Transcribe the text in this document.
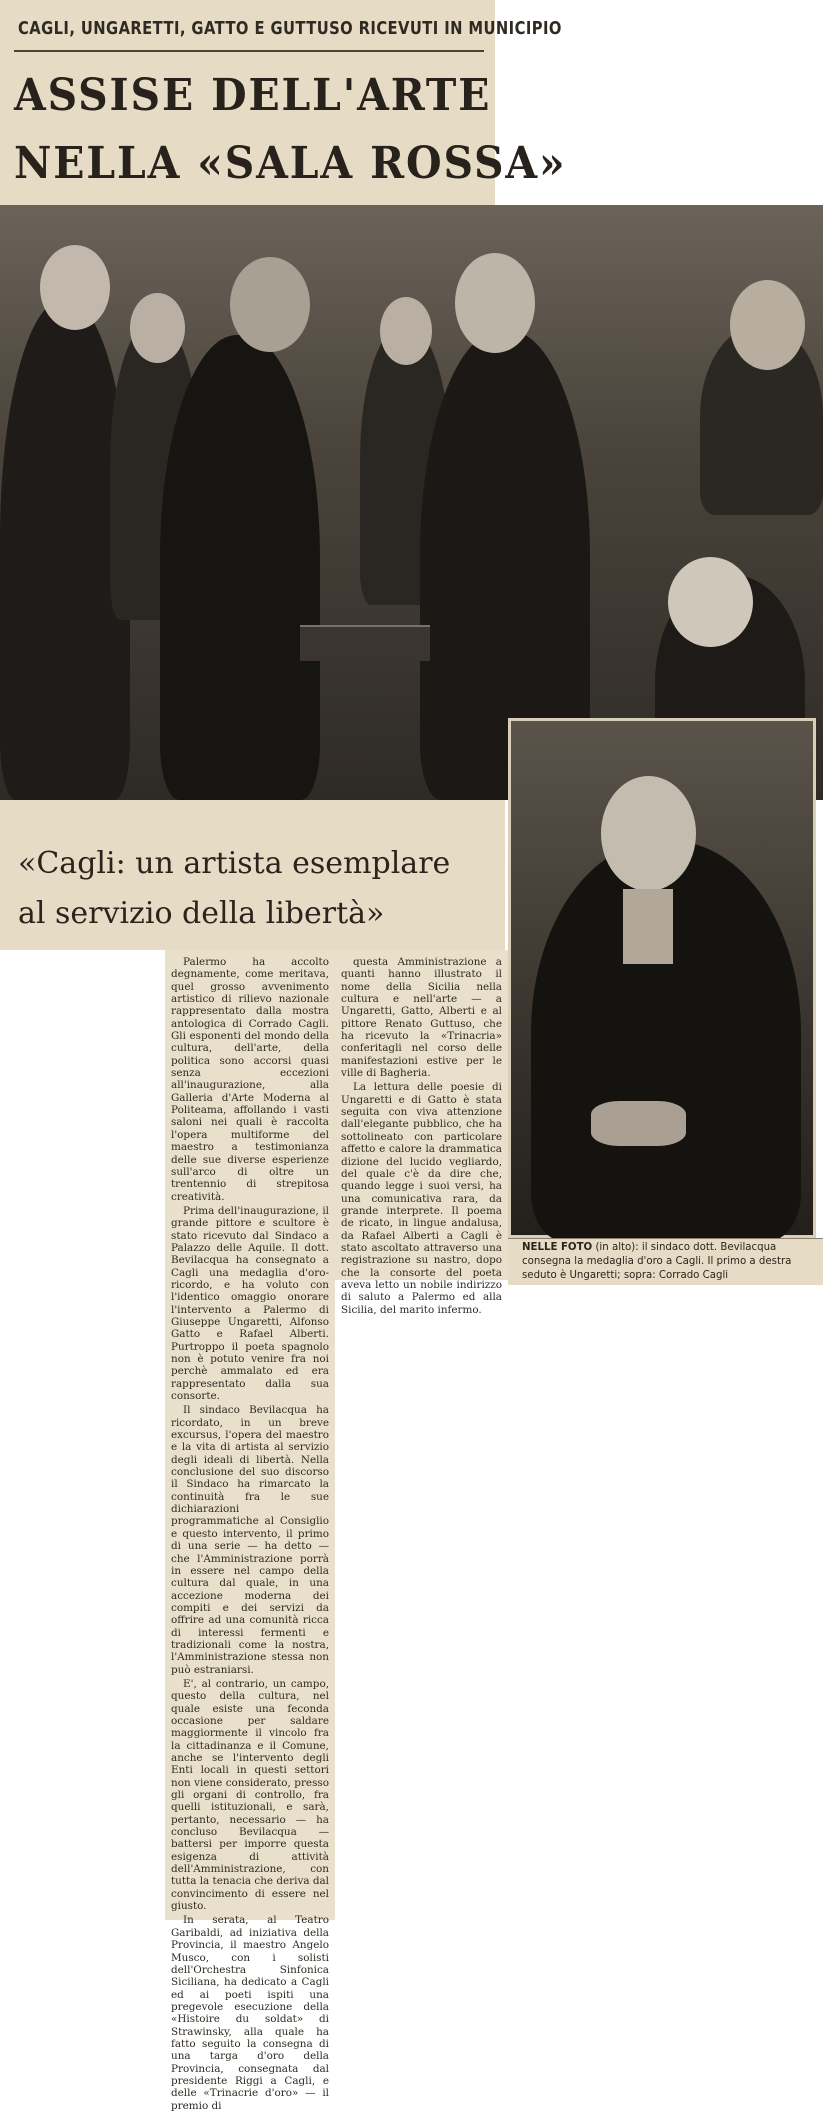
CAGLI, UNGARETTI, GATTO E GUTTUSO RICEVUTI IN MUNICIPIO
ASSISE DELL'ARTE
NELLA «SALA ROSSA»
«Cagli: un artista esemplare
al servizio della libertà»

Palermo ha accolto degnamente, come meritava, quel grosso avvenimento artistico di rilievo nazionale rappresentato dalla mostra antologica di Corrado Cagli. Gli esponenti del mondo della cultura, dell'arte, della politica sono accorsi quasi senza eccezioni all'inaugurazione, alla Galleria d'Arte Moderna al Politeama, affollando i vasti saloni nei quali è raccolta l'opera multiforme del maestro a testimonianza delle sue diverse esperienze sull'arco di oltre un trentennio di strepitosa creatività.

Prima dell'inaugurazione, il grande pittore e scultore è stato ricevuto dal Sindaco a Palazzo delle Aquile. Il dott. Bevilacqua ha consegnato a Cagli una medaglia d'oro-ricordo, e ha voluto con l'identico omaggio onorare l'intervento a Palermo di Giuseppe Ungaretti, Alfonso Gatto e Rafael Alberti. Purtroppo il poeta spagnolo non è potuto venire fra noi perchè ammalato ed era rappresentato dalla sua consorte.

Il sindaco Bevilacqua ha ricordato, in un breve excursus, l'opera del maestro e la vita di artista al servizio degli ideali di libertà. Nella conclusione del suo discorso il Sindaco ha rimarcato la continuità fra le sue dichiarazioni programmatiche al Consiglio e questo intervento, il primo di una serie — ha detto — che l'Amministrazione porrà in essere nel campo della cultura dal quale, in una accezione moderna dei compiti e dei servizi da offrire ad una comunità ricca di interessi fermenti e tradizionali come la nostra, l'Amministrazione stessa non può estraniarsi.

E', al contrario, un campo, questo della cultura, nel quale esiste una feconda occasione per saldare maggiormente il vincolo fra la cittadinanza e il Comune, anche se l'intervento degli Enti locali in questi settori non viene considerato, presso gli organi di controllo, fra quelli istituzionali, e sarà, pertanto, necessario — ha concluso Bevilacqua — battersi per imporre questa esigenza di attività dell'Amministrazione, con tutta la tenacia che deriva dal convincimento di essere nel giusto.

In serata, al Teatro Garibaldi, ad iniziativa della Provincia, il maestro Angelo Musco, con i solisti dell'Orchestra Sinfonica Siciliana, ha dedicato a Cagli ed ai poeti ispiti una pregevole esecuzione della «Histoire du soldat» di Strawinsky, alla quale ha fatto seguito la consegna di una targa d'oro della Provincia, consegnata dal presidente Riggi a Cagli, e delle «Trinacrie d'oro» — il premio di

questa Amministrazione a quanti hanno illustrato il nome della Sicilia nella cultura e nell'arte — a Ungaretti, Gatto, Alberti e al pittore Renato Guttuso, che ha ricevuto la «Trinacria» conferitagli nel corso delle manifestazioni estive per le ville di Bagheria.

La lettura delle poesie di Ungaretti e di Gatto è stata seguita con viva attenzione dall'elegante pubblico, che ha sottolineato con particolare affetto e calore la drammatica dizione del lucido vegliardo, del quale c'è da dire che, quando legge i suoi versi, ha una comunicativa rara, da grande interprete. Il poema de ricato, in lingue andalusa, da Rafael Alberti a Cagli è stato ascoltato attraverso una registrazione su nastro, dopo che la consorte del poeta aveva letto un nobile indirizzo di saluto a Palermo ed alla Sicilia, del marito infermo.

NELLE FOTO (in alto): il sindaco dott. Bevilacqua consegna la medaglia d'oro a Cagli. Il primo a destra seduto è Ungaretti; sopra: Corrado Cagli
